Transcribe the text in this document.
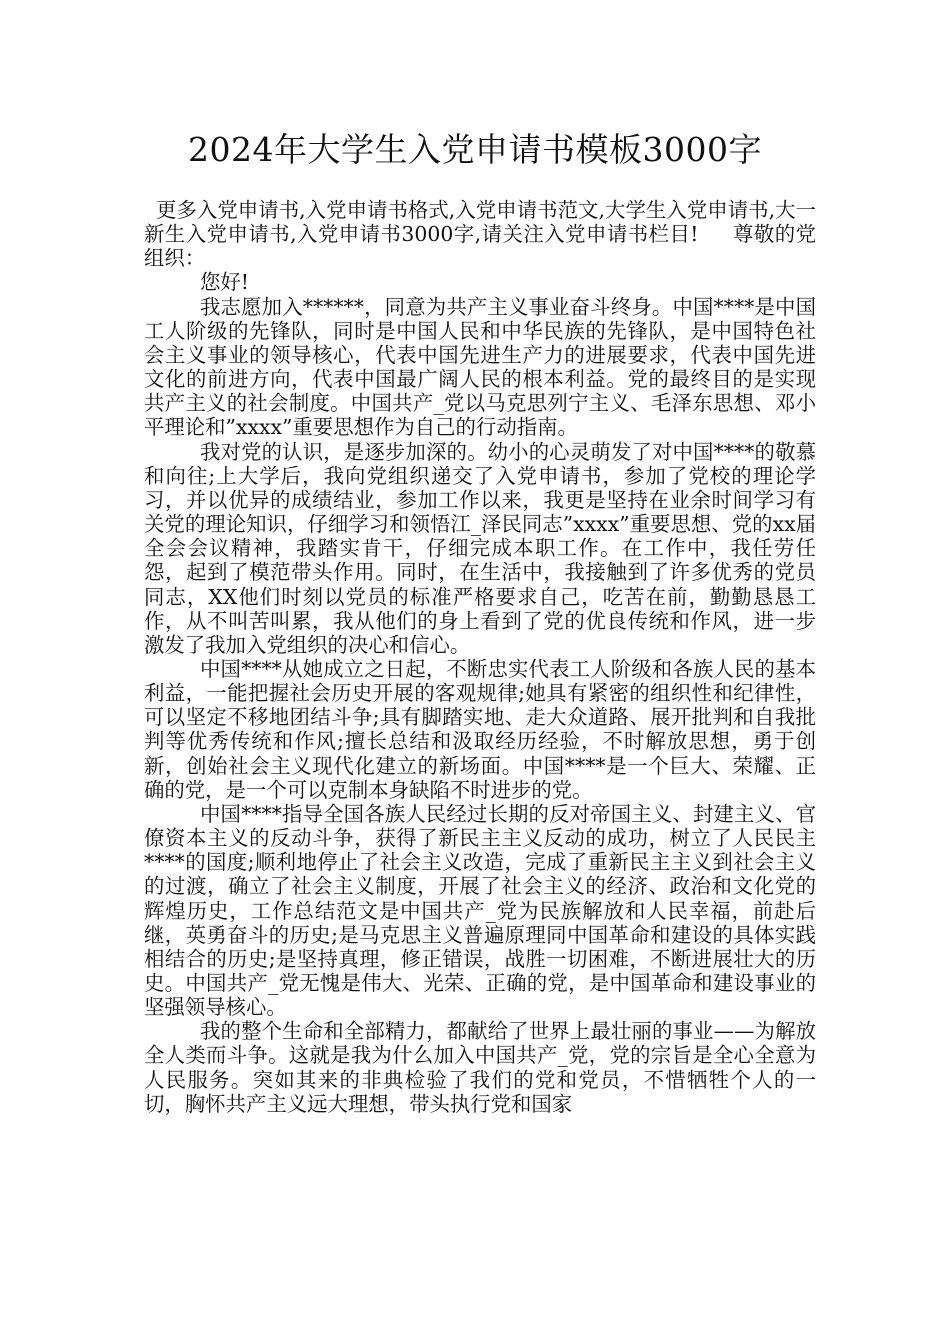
2024年大学生入党申请书模板3000字

更多入党申请书,入党申请书格式,入党申请书范文,大学生入党申请书,大一新生入党申请书,入党申请书3000字,请关注入党申请书栏目! 尊敬的党组织：

您好!

我志愿加入******，同意为共产主义事业奋斗终身。中国****是中国工人阶级的先锋队，同时是中国人民和中华民族的先锋队，是中国特色社会主义事业的领导核心，代表中国先进生产力的进展要求，代表中国先进文化的前进方向，代表中国最广阔人民的根本利益。党的最终目的是实现共产主义的社会制度。中国共产_党以马克思列宁主义、毛泽东思想、邓小平理论和”xxxx”重要思想作为自己的行动指南。

我对党的认识，是逐步加深的。幼小的心灵萌发了对中国****的敬慕和向往;上大学后，我向党组织递交了入党申请书，参加了党校的理论学习，并以优异的成绩结业，参加工作以来，我更是坚持在业余时间学习有关党的理论知识，仔细学习和领悟江_泽民同志”xxxx”重要思想、党的xx届全会会议精神，我踏实肯干，仔细完成本职工作。在工作中，我任劳任怨，起到了模范带头作用。同时，在生活中，我接触到了许多优秀的党员同志，XX他们时刻以党员的标准严格要求自己，吃苦在前，勤勤恳恳工作，从不叫苦叫累，我从他们的身上看到了党的优良传统和作风，进一步激发了我加入党组织的决心和信心。

中国****从她成立之日起，不断忠实代表工人阶级和各族人民的基本利益，一能把握社会历史开展的客观规律;她具有紧密的组织性和纪律性，可以坚定不移地团结斗争;具有脚踏实地、走大众道路、展开批判和自我批判等优秀传统和作风;擅长总结和汲取经历经验，不时解放思想，勇于创新，创始社会主义现代化建立的新场面。中国****是一个巨大、荣耀、正确的党，是一个可以克制本身缺陷不时进步的党。

中国****指导全国各族人民经过长期的反对帝国主义、封建主义、官僚资本主义的反动斗争，获得了新民主主义反动的成功，树立了人民民主****的国度;顺利地停止了社会主义改造，完成了重新民主主义到社会主义的过渡，确立了社会主义制度，开展了社会主义的经济、政治和文化党的辉煌历史，工作总结范文是中国共产_党为民族解放和人民幸福，前赴后继，英勇奋斗的历史;是马克思主义普遍原理同中国革命和建设的具体实践相结合的历史;是坚持真理，修正错误，战胜一切困难，不断进展壮大的历史。中国共产_党无愧是伟大、光荣、正确的党，是中国革命和建设事业的坚强领导核心。

我的整个生命和全部精力，都献给了世界上最壮丽的事业——为解放全人类而斗争。这就是我为什么加入中国共产_党，党的宗旨是全心全意为人民服务。突如其来的非典检验了我们的党和党员，不惜牺牲个人的一切，胸怀共产主义远大理想，带头执行党和国家
